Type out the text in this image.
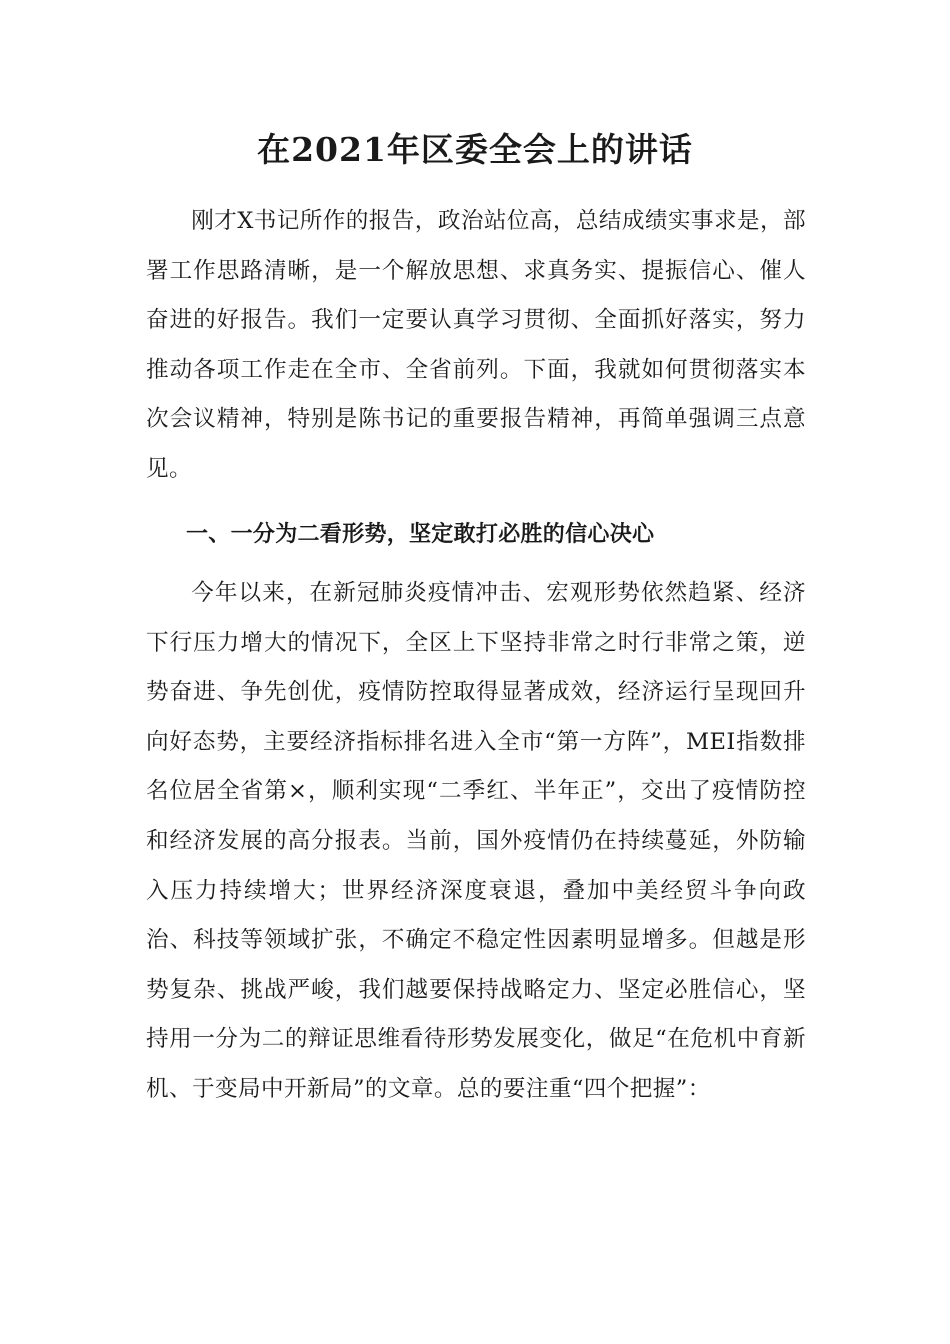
在2021年区委全会上的讲话

刚才X书记所作的报告，政治站位高，总结成绩实事求是，部署工作思路清晰，是一个解放思想、求真务实、提振信心、催人奋进的好报告。我们一定要认真学习贯彻、全面抓好落实，努力推动各项工作走在全市、全省前列。下面，我就如何贯彻落实本次会议精神，特别是陈书记的重要报告精神，再简单强调三点意见。

一、一分为二看形势，坚定敢打必胜的信心决心

今年以来，在新冠肺炎疫情冲击、宏观形势依然趋紧、经济下行压力增大的情况下，全区上下坚持非常之时行非常之策，逆势奋进、争先创优，疫情防控取得显著成效，经济运行呈现回升向好态势，主要经济指标排名进入全市“第一方阵”，MEI指数排名位居全省第×，顺利实现“二季红、半年正”，交出了疫情防控和经济发展的高分报表。当前，国外疫情仍在持续蔓延，外防输入压力持续增大；世界经济深度衰退，叠加中美经贸斗争向政治、科技等领域扩张，不确定不稳定性因素明显增多。但越是形势复杂、挑战严峻，我们越要保持战略定力、坚定必胜信心，坚持用一分为二的辩证思维看待形势发展变化，做足“在危机中育新机、于变局中开新局”的文章。总的要注重“四个把握”：
